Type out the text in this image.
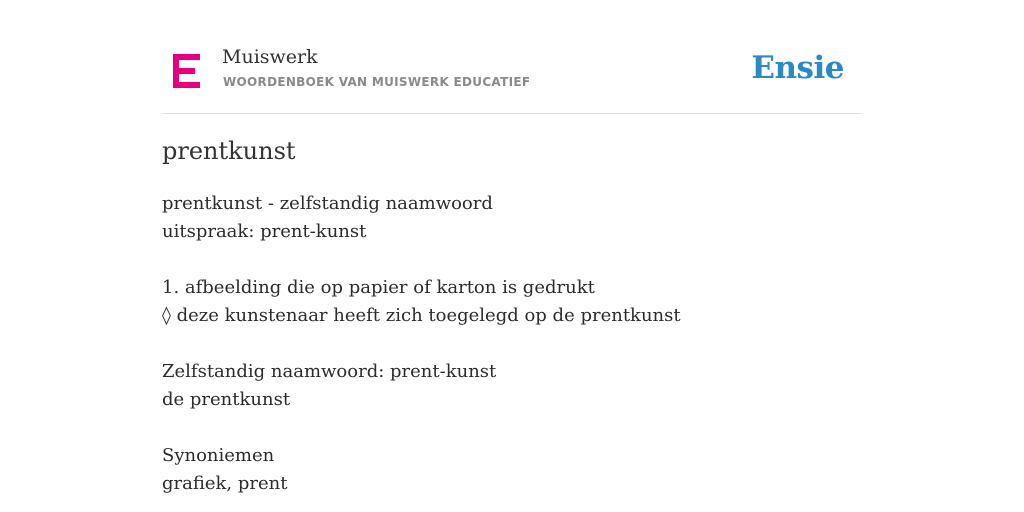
Muiswerk
WOORDENBOEK VAN MUISWERK EDUCATIEF	Ensie
prentkunst
prentkunst - zelfstandig naamwoord
uitspraak: prent-kunst
1. afbeelding die op papier of karton is gedrukt
◊ deze kunstenaar heeft zich toegelegd op de prentkunst
Zelfstandig naamwoord: prent-kunst
de prentkunst
Synoniemen
grafiek, prent
